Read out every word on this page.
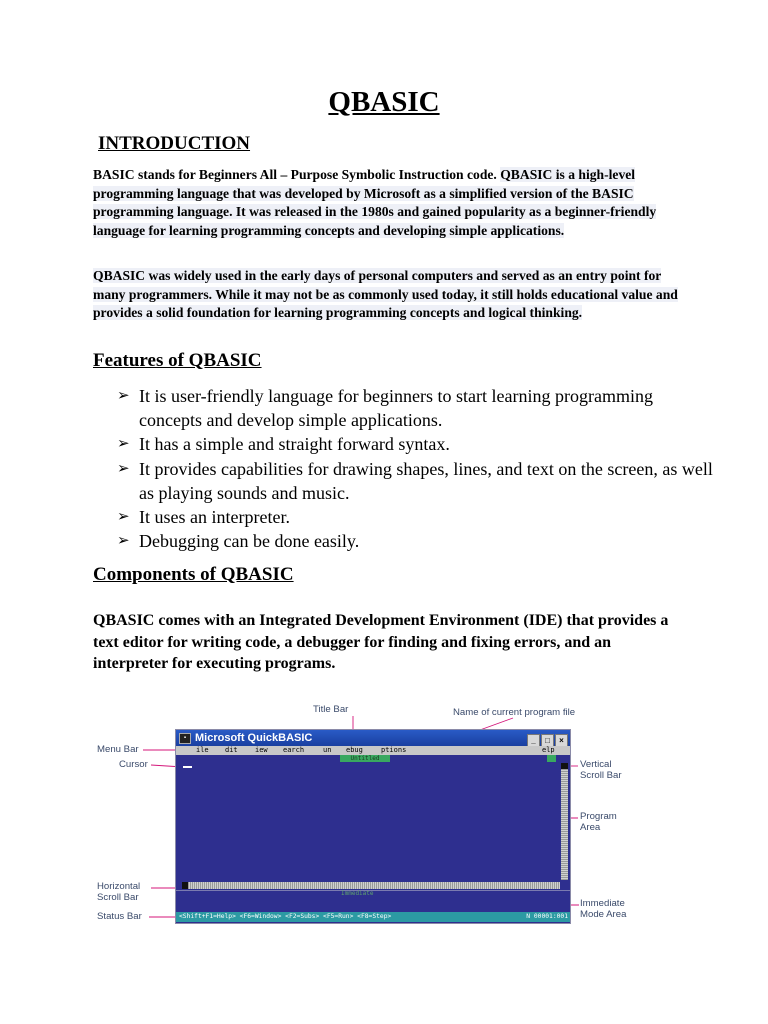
QBASIC
INTRODUCTION
BASIC stands for Beginners All – Purpose Symbolic Instruction code. QBASIC is a high-level programming language that was developed by Microsoft as a simplified version of the BASIC programming language. It was released in the 1980s and gained popularity as a beginner-friendly language for learning programming concepts and developing simple applications.
QBASIC was widely used in the early days of personal computers and served as an entry point for many programmers. While it may not be as commonly used today, it still holds educational value and provides a solid foundation for learning programming concepts and logical thinking.
Features of QBASIC
➢ It is user-friendly language for beginners to start learning programming concepts and develop simple applications.
➢ It has a simple and straight forward syntax.
➢ It provides capabilities for drawing shapes, lines, and text on the screen, as well as playing sounds and music.
➢ It uses an interpreter.
➢ Debugging can be done easily.
Components of QBASIC
QBASIC comes with an Integrated Development Environment (IDE) that provides a text editor for writing code, a debugger for finding and fixing errors, and an interpreter for executing programs.
Title Bar	Name of current program file
Menu Bar
Cursor	Vertical
Scroll Bar
Program
Area
Horizontal
Scroll Bar
Immediate
Mode Area
Status Bar
▪ Microsoft QuickBASIC	_ □ ×

ile

dit

iew

earch

	un

ebug

	ptions

	elp

Untitled
Immediate

<Shift+F1=Help> <F6=Window> <F2=Subs> <F5=Run> <F8=Step>

	N 00001:001
